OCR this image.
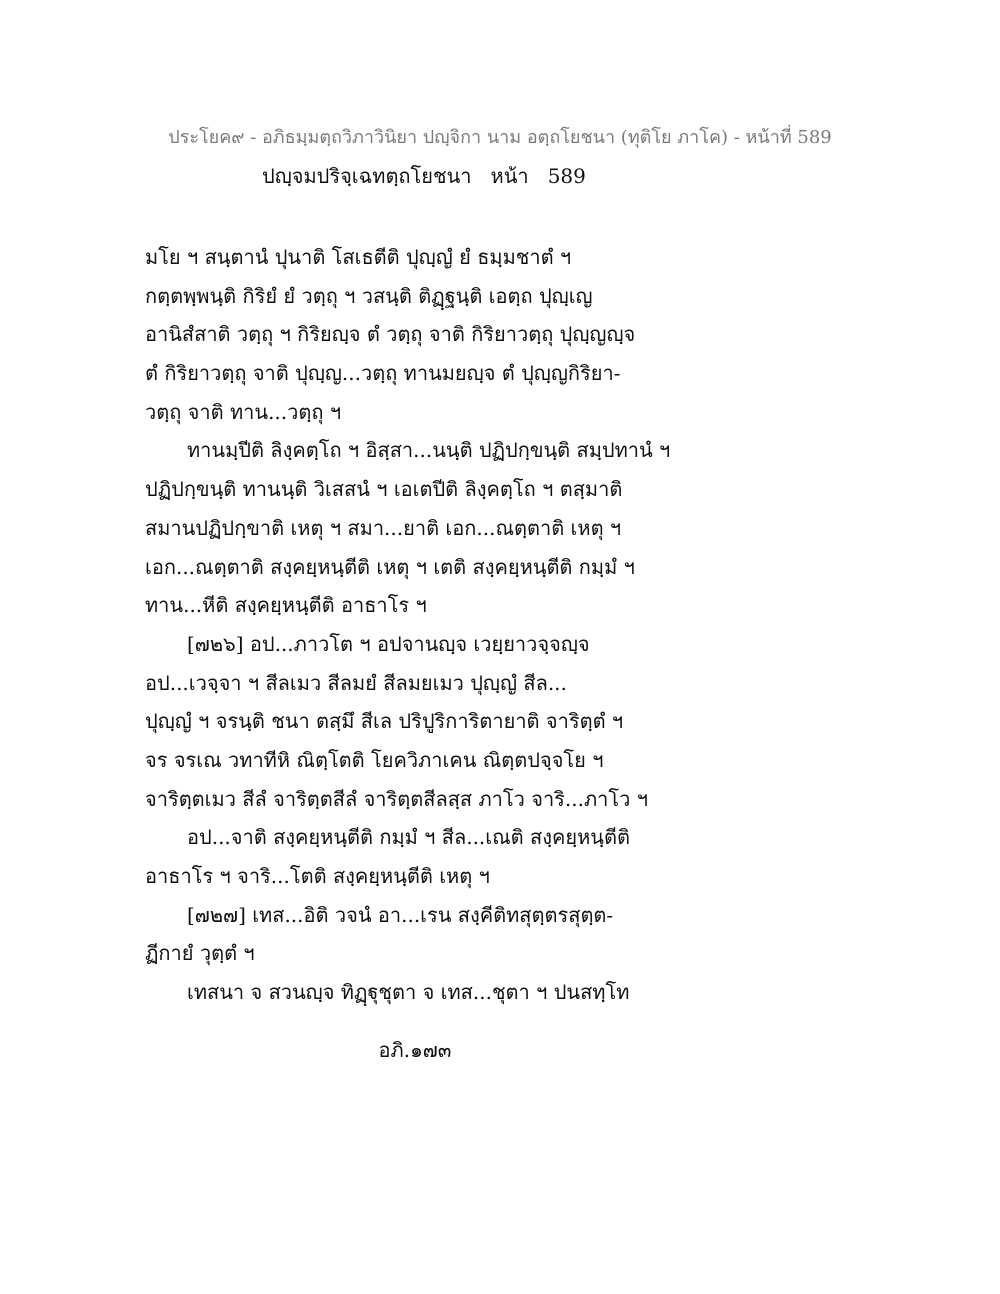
ประโยค๙ - อภิธมฺมตฺถวิภาวินิยา ปญฺจิกา นาม อตฺถโยชนา (ทุติโย ภาโค) - หน้าที่ 589
ปญฺจมปริจฺเฉทตฺถโยชนา   หน้า   589
มโย ฯ สนฺตานํ ปุนาติ โสเธตีติ ปุญฺญํ ยํ ธมฺมชาตํ ฯ
กตฺตพฺพนฺติ กิริยํ ยํ วตฺถุ ฯ วสนฺติ ติฏฺฐนฺติ เอตฺถ ปุญฺเญ
อานิสํสาติ วตฺถุ ฯ กิริยญฺจ ตํ วตฺถุ จาติ กิริยาวตฺถุ ปุญฺญญฺจ
ตํ กิริยาวตฺถุ จาติ ปุญฺญ...วตฺถุ ทานมยญฺจ ตํ ปุญฺญกิริยา-
วตฺถุ จาติ ทาน...วตฺถุ ฯ
ทานมฺปีติ ลิงฺคตฺโถ ฯ อิสฺสา...นนฺติ ปฏิปกฺขนฺติ สมฺปทานํ ฯ
ปฏิปกฺขนฺติ ทานนฺติ วิเสสนํ ฯ เอเตปีติ ลิงฺคตฺโถ ฯ ตสฺมาติ
สมานปฏิปกฺขาติ เหตุ ฯ สมา...ยาติ เอก...ณตฺตาติ เหตุ ฯ
เอก...ณตฺตาติ สงฺคยฺหนฺตีติ เหตุ ฯ เตติ สงฺคยฺหนฺตีติ กมฺมํ ฯ
ทาน...หีติ สงฺคยฺหนฺตีติ อาธาโร ฯ
[๗๒๖] อป...ภาวโต ฯ อปจานญฺจ เวยฺยาวจฺจญฺจ
อป...เวจฺจา ฯ สีลเมว สีลมยํ สีลมยเมว ปุญฺญํ สีล...
ปุญฺญํ ฯ จรนฺติ ชนา ตสฺมึ สีเล ปริปูริการิตายาติ จาริตฺตํ ฯ
จร จรเณ วทาทีหิ ณิตฺโตติ โยควิภาเคน ณิตฺตปจฺจโย ฯ
จาริตฺตเมว สีลํ จาริตฺตสีลํ จาริตฺตสีลสฺส ภาโว จาริ...ภาโว ฯ
อป...จาติ สงฺคยฺหนฺตีติ กมฺมํ ฯ สีล...เณติ สงฺคยฺหนฺตีติ
อาธาโร ฯ จาริ...โตติ สงฺคยฺหนฺตีติ เหตุ ฯ
[๗๒๗] เทส...อิติ วจนํ อา...เรน สงฺคีติทสุตฺตรสุตฺต-
ฏีกายํ วุตฺตํ ฯ
เทสนา จ สวนญฺจ ทิฏฺฐุชุตา จ เทส...ชุตา ฯ ปนสทฺโท
อภิ.๑๗๓
